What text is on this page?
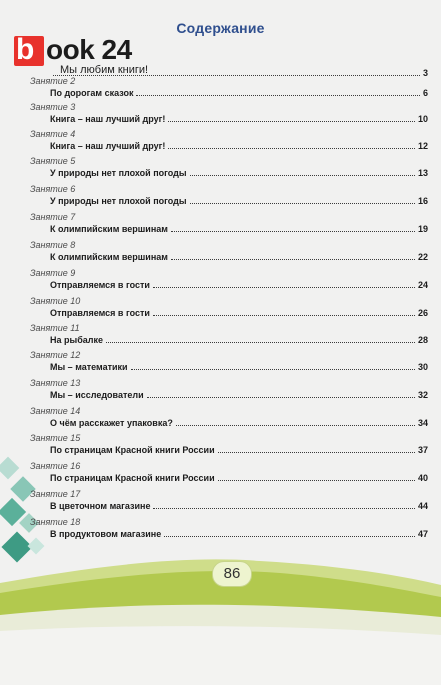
Содержание
b ook 24
Мы любим книги!	3
Занятие 2
По дорогам сказок	6
Занятие 3
Книга – наш лучший друг!	10
Занятие 4
Книга – наш лучший друг!	12
Занятие 5
У природы нет плохой погоды	13
Занятие 6
У природы нет плохой погоды	16
Занятие 7
К олимпийским вершинам	19
Занятие 8
К олимпийским вершинам	22
Занятие 9
Отправляемся в гости	24
Занятие 10
Отправляемся в гости	26
Занятие 11
На рыбалке	28
Занятие 12
Мы – математики	30
Занятие 13
Мы – исследователи	32
Занятие 14
О чём расскажет упаковка?	34
Занятие 15
По страницам Красной книги России	37
Занятие 16
По страницам Красной книги России	40
Занятие 17
В цветочном магазине	44
Занятие 18
В продуктовом магазине	47
86
